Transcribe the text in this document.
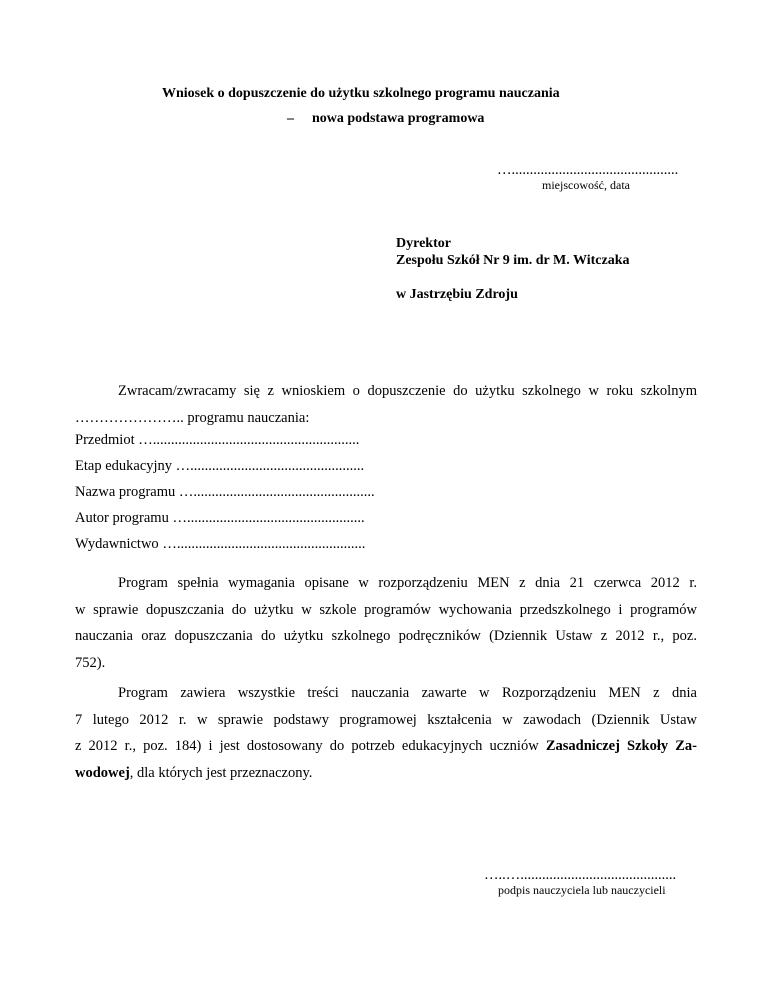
Wniosek o dopuszczenie do użytku szkolnego programu nauczania
– nowa podstawa programowa
…..............................................
miejscowość, data
Dyrektor
Zespołu Szkół Nr 9 im. dr M. Witczaka
w Jastrzębiu Zdroju
Zwracam/zwracamy się z wnioskiem o dopuszczenie do użytku szkolnego w roku szkolnym
………………….. programu nauczania:
Przedmiot ….........................................................
Etap edukacyjny …................................................
Nazwa programu …..................................................
Autor programu ….................................................
Wydawnictwo …....................................................
Program spełnia wymagania opisane w rozporządzeniu MEN z dnia 21 czerwca 2012 r.
w sprawie dopuszczania do użytku w szkole programów wychowania przedszkolnego i programów
nauczania oraz dopuszczania do użytku szkolnego podręczników (Dziennik Ustaw z 2012 r., poz.
752).
Program zawiera wszystkie treści nauczania zawarte w Rozporządzeniu MEN z dnia
7 lutego 2012 r. w sprawie podstawy programowej kształcenia w zawodach (Dziennik Ustaw
z 2012 r., poz. 184) i jest dostosowany do potrzeb edukacyjnych uczniów Zasadniczej Szkoły Za-
wodowej, dla których jest przeznaczony.
…..…...........................................
podpis nauczyciela lub nauczycieli
